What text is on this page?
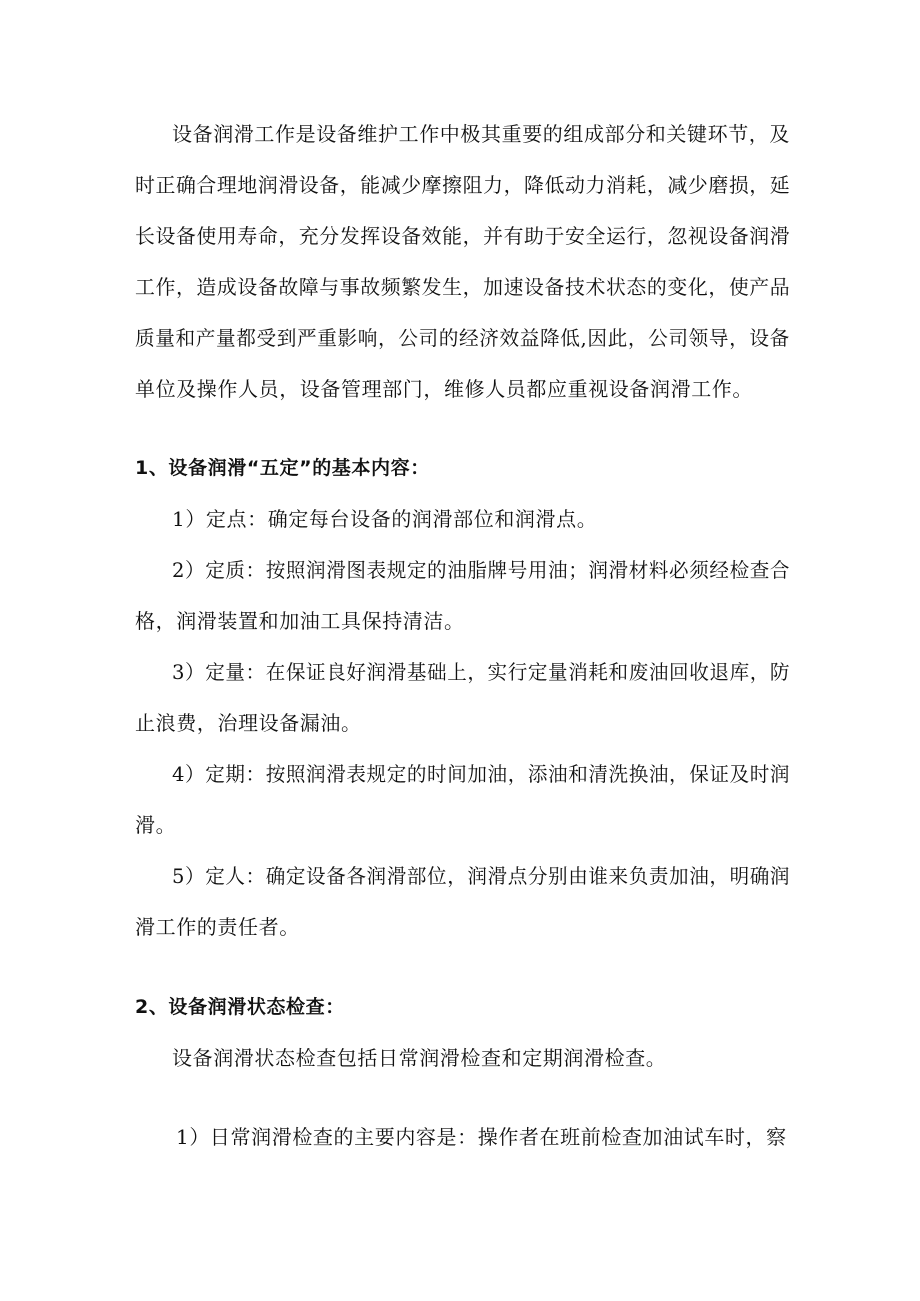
设备润滑工作是设备维护工作中极其重要的组成部分和关键环节，及
时正确合理地润滑设备，能减少摩擦阻力，降低动力消耗，减少磨损，延
长设备使用寿命，充分发挥设备效能，并有助于安全运行，忽视设备润滑
工作，造成设备故障与事故频繁发生，加速设备技术状态的变化，使产品
质量和产量都受到严重影响，公司的经济效益降低,因此，公司领导，设备
单位及操作人员，设备管理部门，维修人员都应重视设备润滑工作。
1、设备润滑“五定”的基本内容：
1）定点：确定每台设备的润滑部位和润滑点。
2）定质：按照润滑图表规定的油脂牌号用油；润滑材料必须经检查合
格，润滑装置和加油工具保持清洁。
3）定量：在保证良好润滑基础上，实行定量消耗和废油回收退库，防
止浪费，治理设备漏油。
4）定期：按照润滑表规定的时间加油，添油和清洗换油，保证及时润
滑。
5）定人：确定设备各润滑部位，润滑点分别由谁来负责加油，明确润
滑工作的责任者。
2、设备润滑状态检查：
设备润滑状态检查包括日常润滑检查和定期润滑检查。
1）日常润滑检查的主要内容是：操作者在班前检查加油试车时，察
